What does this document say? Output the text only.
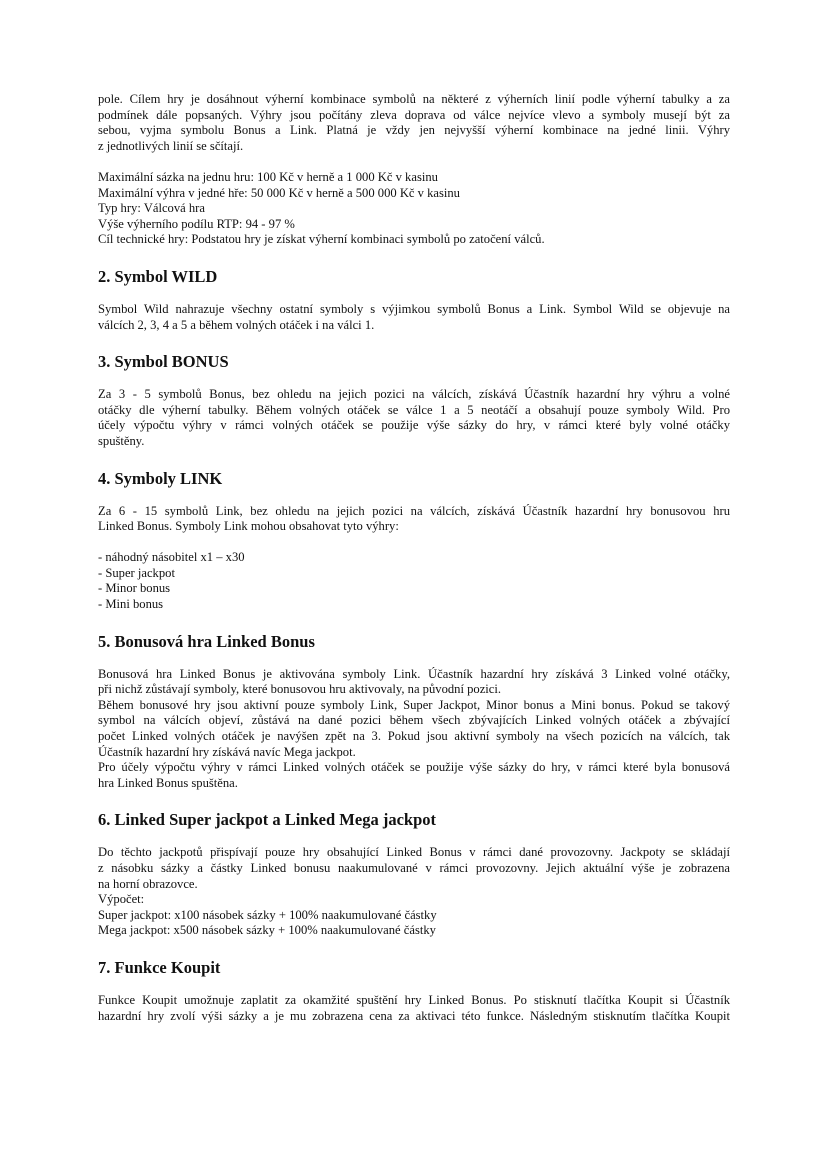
pole. Cílem hry je dosáhnout výherní kombinace symbolů na některé z výherních linií podle výherní tabulky a za
podmínek dále popsaných. Výhry jsou počítány zleva doprava od válce nejvíce vlevo a symboly musejí být za
sebou, vyjma symbolu Bonus a Link. Platná je vždy jen nejvyšší výherní kombinace na jedné linii. Výhry
z jednotlivých linií se sčítají.
Maximální sázka na jednu hru: 100 Kč v herně a 1 000 Kč v kasinu
Maximální výhra v jedné hře: 50 000 Kč v herně a 500 000 Kč v kasinu
Typ hry: Válcová hra
Výše výherního podílu RTP: 94 - 97 %
Cíl technické hry: Podstatou hry je získat výherní kombinaci symbolů po zatočení válců.
2. Symbol WILD
Symbol Wild nahrazuje všechny ostatní symboly s výjimkou symbolů Bonus a Link. Symbol Wild se objevuje na
válcích 2, 3, 4 a 5 a během volných otáček i na válci 1.
3. Symbol BONUS
Za 3 - 5 symbolů Bonus, bez ohledu na jejich pozici na válcích, získává Účastník hazardní hry výhru a volné
otáčky dle výherní tabulky. Během volných otáček se válce 1 a 5 neotáčí a obsahují pouze symboly Wild. Pro
účely výpočtu výhry v rámci volných otáček se použije výše sázky do hry, v rámci které byly volné otáčky
spuštěny.
4. Symboly LINK
Za 6 - 15 symbolů Link, bez ohledu na jejich pozici na válcích, získává Účastník hazardní hry bonusovou hru
Linked Bonus. Symboly Link mohou obsahovat tyto výhry:
- náhodný násobitel x1 – x30
- Super jackpot
- Minor bonus
- Mini bonus
5. Bonusová hra Linked Bonus
Bonusová hra Linked Bonus je aktivována symboly Link. Účastník hazardní hry získává 3 Linked volné otáčky,
při nichž zůstávají symboly, které bonusovou hru aktivovaly, na původní pozici.
Během bonusové hry jsou aktivní pouze symboly Link, Super Jackpot, Minor bonus a Mini bonus. Pokud se takový
symbol na válcích objeví, zůstává na dané pozici během všech zbývajících Linked volných otáček a zbývající
počet Linked volných otáček je navýšen zpět na 3. Pokud jsou aktivní symboly na všech pozicích na válcích, tak
Účastník hazardní hry získává navíc Mega jackpot.
Pro účely výpočtu výhry v rámci Linked volných otáček se použije výše sázky do hry, v rámci které byla bonusová
hra Linked Bonus spuštěna.
6. Linked Super jackpot a Linked Mega jackpot
Do těchto jackpotů přispívají pouze hry obsahující Linked Bonus v rámci dané provozovny. Jackpoty se skládají
z násobku sázky a částky Linked bonusu naakumulované v rámci provozovny. Jejich aktuální výše je zobrazena
na horní obrazovce.
Výpočet:
Super jackpot: x100 násobek sázky + 100% naakumulované částky
Mega jackpot: x500 násobek sázky + 100% naakumulované částky
7. Funkce Koupit
Funkce Koupit umožnuje zaplatit za okamžité spuštění hry Linked Bonus. Po stisknutí tlačítka Koupit si Účastník
hazardní hry zvolí výši sázky a je mu zobrazena cena za aktivaci této funkce. Následným stisknutím tlačítka Koupit
